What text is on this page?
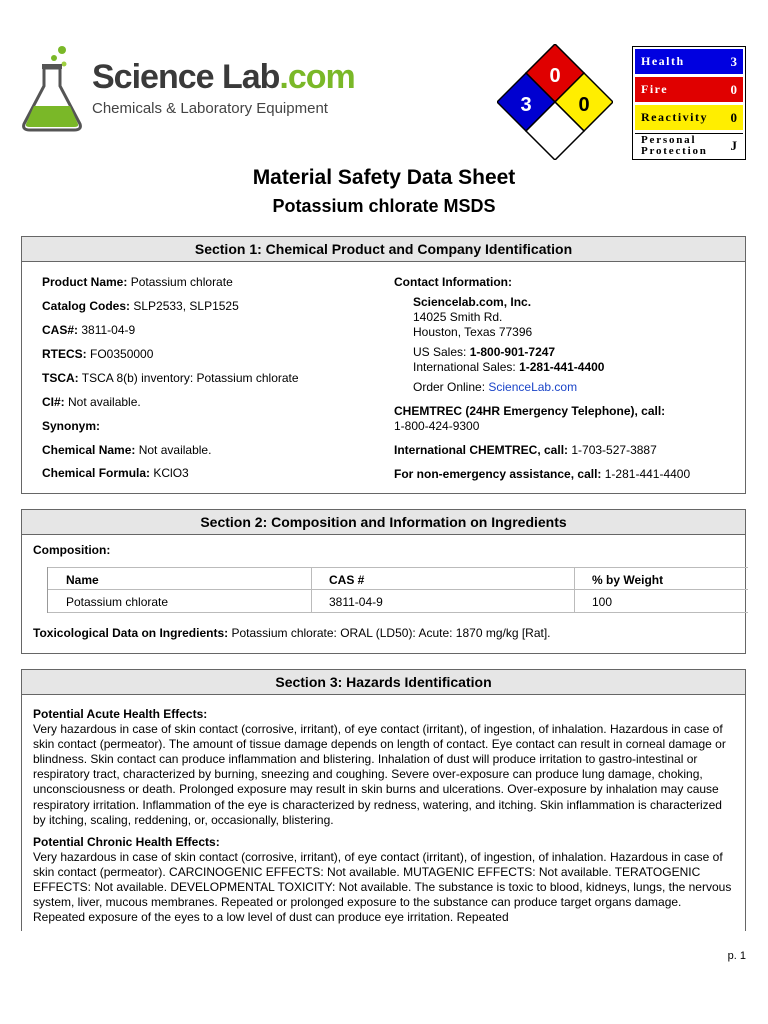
Science Lab.com
Chemicals & Laboratory Equipment
0
3 0
Health	3
Fire	0
Reactivity 0
Personal
Protection J
Material Safety Data Sheet
Potassium chlorate MSDS
Section 1: Chemical Product and Company Identification
Product Name: Potassium chlorate
Catalog Codes: SLP2533, SLP1525
CAS#: 3811-04-9
RTECS: FO0350000
TSCA: TSCA 8(b) inventory: Potassium chlorate
CI#: Not available.
Synonym:
Chemical Name: Not available.
Chemical Formula: KClO3
Contact Information:
Sciencelab.com, Inc.
14025 Smith Rd.
Houston, Texas 77396
US Sales: 1-800-901-7247
International Sales: 1-281-441-4400
Order Online: ScienceLab.com
CHEMTREC (24HR Emergency Telephone), call:
1-800-424-9300
International CHEMTREC, call: 1-703-527-3887
For non-emergency assistance, call: 1-281-441-4400
Section 2: Composition and Information on Ingredients
Composition:
Name	CAS #	% by Weight
Potassium chlorate	3811-04-9	100
Toxicological Data on Ingredients: Potassium chlorate: ORAL (LD50): Acute: 1870 mg/kg [Rat].
Section 3: Hazards Identification
Potential Acute Health Effects:
Very hazardous in case of skin contact (corrosive, irritant), of eye contact (irritant), of ingestion, of inhalation. Hazardous in case of skin contact (permeator). The amount of tissue damage depends on length of contact. Eye contact can result in corneal damage or blindness. Skin contact can produce inflammation and blistering. Inhalation of dust will produce irritation to gastro-intestinal or respiratory tract, characterized by burning, sneezing and coughing. Severe over-exposure can produce lung damage, choking, unconsciousness or death. Prolonged exposure may result in skin burns and ulcerations. Over-exposure by inhalation may cause respiratory irritation. Inflammation of the eye is characterized by redness, watering, and itching. Skin inflammation is characterized by itching, scaling, reddening, or, occasionally, blistering.
Potential Chronic Health Effects:
Very hazardous in case of skin contact (corrosive, irritant), of eye contact (irritant), of ingestion, of inhalation. Hazardous in case of skin contact (permeator). CARCINOGENIC EFFECTS: Not available. MUTAGENIC EFFECTS: Not available. TERATOGENIC EFFECTS: Not available. DEVELOPMENTAL TOXICITY: Not available. The substance is toxic to blood, kidneys, lungs, the nervous system, liver, mucous membranes. Repeated or prolonged exposure to the substance can produce target organs damage. Repeated exposure of the eyes to a low level of dust can produce eye irritation. Repeated
p. 1
